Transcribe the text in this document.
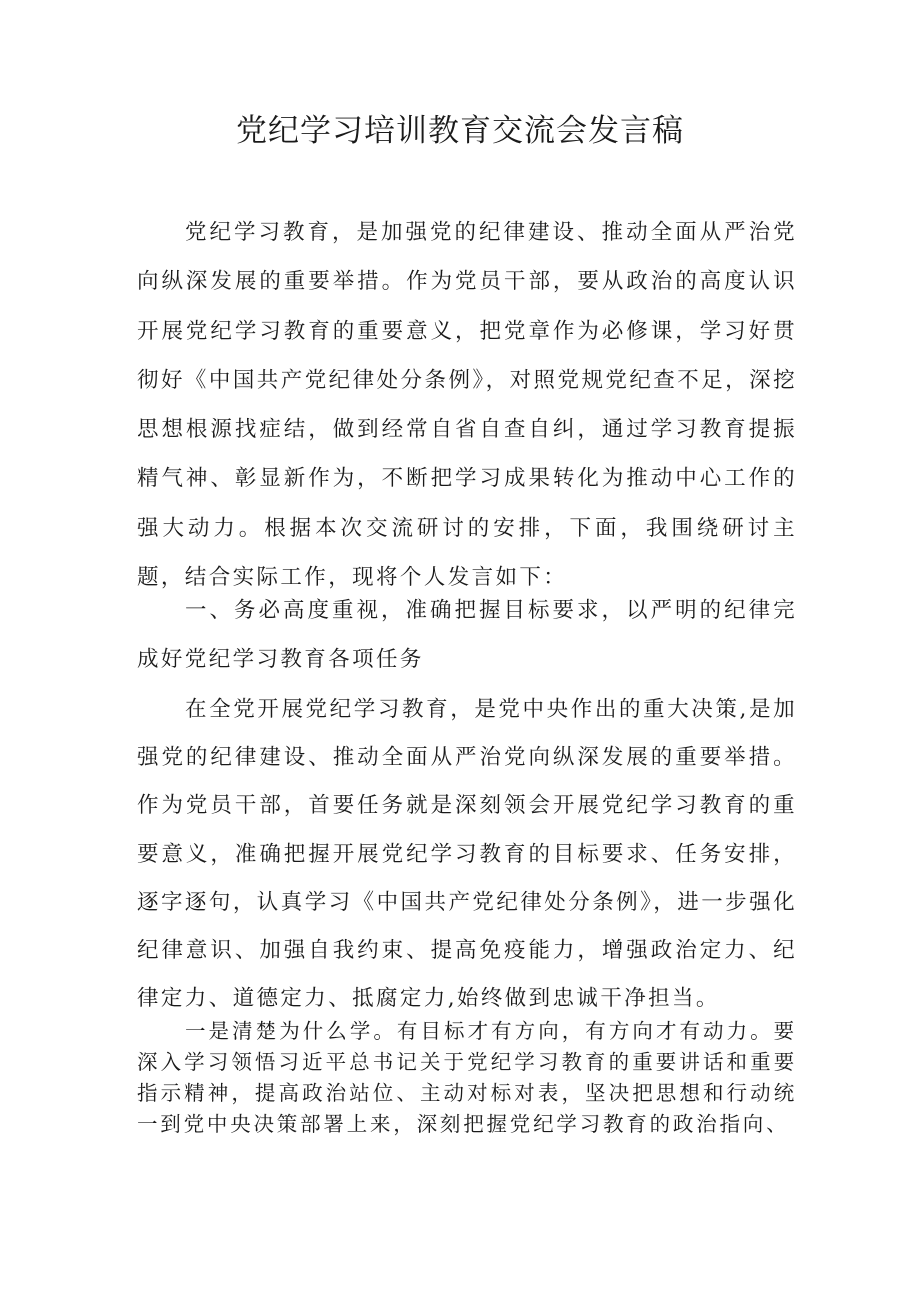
党纪学习培训教育交流会发言稿

党纪学习教育，是加强党的纪律建设、推动全面从严治党向纵深发展的重要举措。作为党员干部，要从政治的高度认识开展党纪学习教育的重要意义，把党章作为必修课，学习好贯彻好《中国共产党纪律处分条例》，对照党规党纪查不足，深挖思想根源找症结，做到经常自省自查自纠，通过学习教育提振精气神、彰显新作为，不断把学习成果转化为推动中心工作的强大动力。根据本次交流研讨的安排，下面，我围绕研讨主题，结合实际工作，现将个人发言如下：

一、务必高度重视，准确把握目标要求，以严明的纪律完成好党纪学习教育各项任务

在全党开展党纪学习教育，是党中央作出的重大决策,是加强党的纪律建设、推动全面从严治党向纵深发展的重要举措。作为党员干部，首要任务就是深刻领会开展党纪学习教育的重要意义，准确把握开展党纪学习教育的目标要求、任务安排，逐字逐句，认真学习《中国共产党纪律处分条例》，进一步强化纪律意识、加强自我约束、提高免疫能力，增强政治定力、纪律定力、道德定力、抵腐定力,始终做到忠诚干净担当。

一是清楚为什么学。有目标才有方向，有方向才有动力。要深入学习领悟习近平总书记关于党纪学习教育的重要讲话和重要指示精神，提高政治站位、主动对标对表，坚决把思想和行动统一到党中央决策部署上来，深刻把握党纪学习教育的政治指向、
